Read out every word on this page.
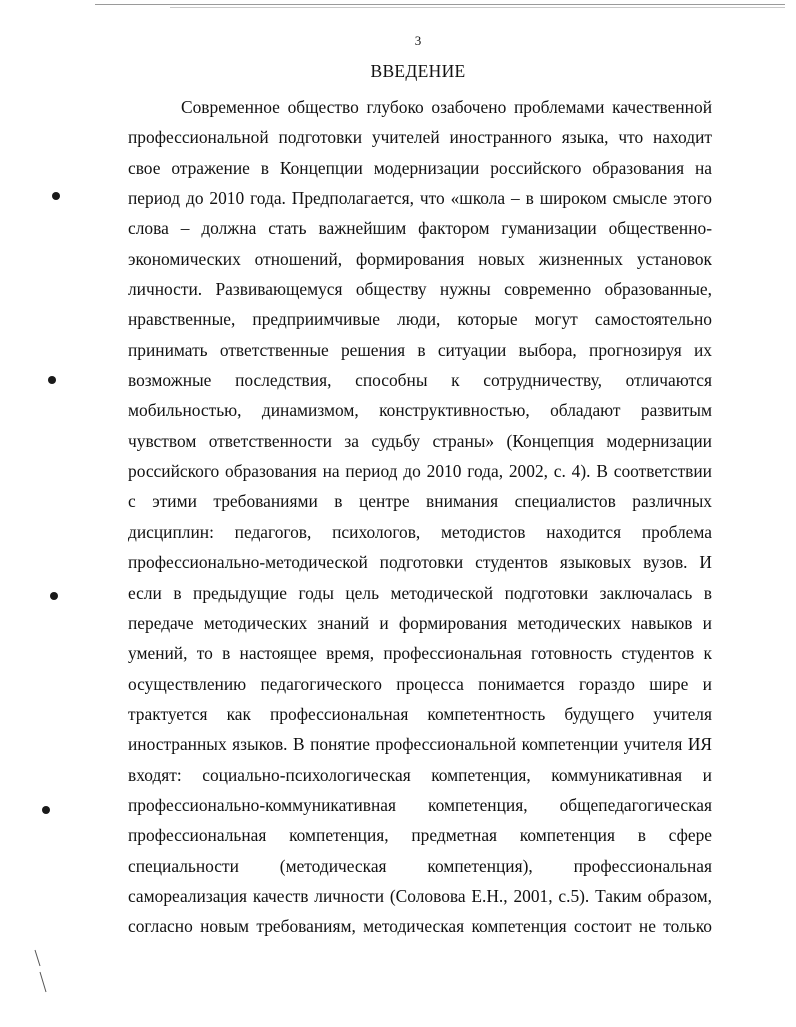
3
ВВЕДЕНИЕ
Современное общество глубоко озабочено проблемами качественной
профессиональной подготовки учителей иностранного языка, что находит
свое отражение в Концепции модернизации российского образования на
период до 2010 года. Предполагается, что «школа – в широком смысле этого
слова – должна стать важнейшим фактором гуманизации общественно-
экономических отношений, формирования новых жизненных установок
личности. Развивающемуся обществу нужны современно образованные,
нравственные, предприимчивые люди, которые могут самостоятельно
принимать ответственные решения в ситуации выбора, прогнозируя их
возможные последствия, способны к сотрудничеству, отличаются
мобильностью, динамизмом, конструктивностью, обладают развитым
чувством ответственности за судьбу страны» (Концепция модернизации
российского образования на период до 2010 года, 2002, с. 4). В соответствии
с этими требованиями в центре внимания специалистов различных
дисциплин: педагогов, психологов, методистов находится проблема
профессионально-методической подготовки студентов языковых вузов. И
если в предыдущие годы цель методической подготовки заключалась в
передаче методических знаний и формирования методических навыков и
умений, то в настоящее время, профессиональная готовность студентов к
осуществлению педагогического процесса понимается гораздо шире и
трактуется как профессиональная компетентность будущего учителя
иностранных языков. В понятие профессиональной компетенции учителя ИЯ
входят: социально-психологическая компетенция, коммуникативная и
профессионально-коммуникативная компетенция, общепедагогическая
профессиональная компетенция, предметная компетенция в сфере
специальности (методическая компетенция), профессиональная
самореализация качеств личности (Соловова Е.Н., 2001, с.5). Таким образом,
согласно новым требованиям, методическая компетенция состоит не только
